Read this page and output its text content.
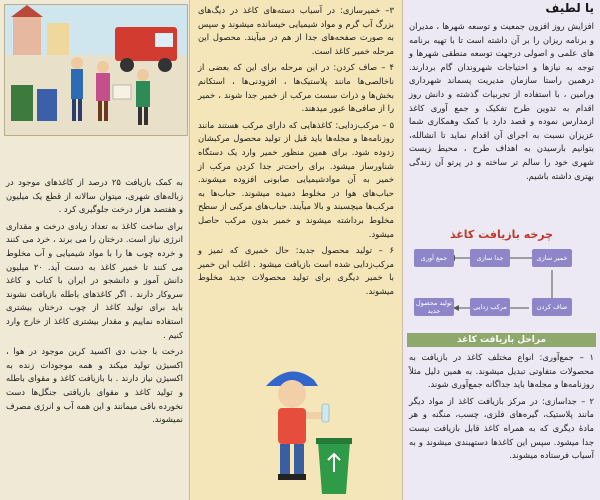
به کمک بازیافت ۲۵ درصد از کاغذهای موجود در زباله‌های شهری، میتوان سالانه از قطع یک میلیون و هفتصد هزار درخت جلوگیری کرد .

برای ساخت کاغذ به تعداد زیادی درخت و مقداری انرژی نیاز است. درختان را می برند ، خرد می کنند و خرده چوب ها را با مواد شیمیایی و آب مخلوط می کنند تا خمیر کاغذ به دست آید. ۲۰ میلیون دانش آموز و دانشجو در ایران با کتاب و کاغذ سروکار دارند . اگر کاغذهای باطله بازیافت نشوند باید برای تولید کاغذ از چوب درختان بیشتری استفاده نماییم و مقدار بیشتری کاغذ از خارج وارد کنیم .

درخت با جذب دی اکسید کربن موجود در هوا ، اکسیژن تولید میکند و همه موجودات زنده به اکسیژن نیاز دارند . با بازیافت کاغذ و مقوای باطله و تولید کاغذ و مقوای بازیافتی جنگل‌ها دست نخورده باقی میمانند و این همه آب و انرژی مصرف نمیشوند.

۳– خمیرسازی: در آسیاب دسته‌های کاغذ در دیگ‌های بزرگ آب گرم و مواد شیمیایی خیسانده میشوند و سپس به صورت صفحه‌های جدا از هم در میآیند. محصول این مرحله خمیر کاغذ است.

۴ – صاف کردن: در این مرحله برای این که بعضی از ناخالصی‌ها مانند پلاستیک‌ها ، افزودنی‌ها ، استکانم بخش‌ها و ذرات سست مرکب از خمیر جدا شوند ، خمیر را از صافی‌ها عبور میدهند.

۵ – مرکب‌زدایی: کاغذهایی که دارای مرکب هستند مانند روزنامه‌ها و مجله‌ها باید قبل از تولید محصول مرکبشان زدوده شود. برای همین منظور خمیر وارد یک دستگاه شناورساز میشود. برای راحت‌تر جدا کردن مرکب از خمیر به آن موادشیمیایی صابونی افزوده میشوند. حباب‌های هوا در مخلوط دمیده میشوند. حباب‌ها به مرکب‌ها میچسبند و بالا میآیند. حباب‌های مرکبی از سطح مخلوط برداشته میشوند و خمیر بدون مرکب حاصل میشود.

۶ – تولید محصول جدید: حال خمیری که تمیز و مرکب‌زدایی شده است بازیافت میشود . اغلب این خمیر با خمیر دیگری برای تولید محصولات جدید مخلوط میشوند.

یا لطیف

افزایش روز افزون جمعیت و توسعه شهرها ، مدیران و برنامه ریزان را بر آن داشته است تا با تهیه برنامه های علمی و اصولی درجهت توسعه منطقی شهرها و توجه به نیازها و احتیاجات شهروندان گام بردارند. درهمین راستا سازمان مدیریت پسماند شهرداری ورامین ، با استفاده از تجربیات گذشته و دانش روز اقدام به تدوین طرح تفکیک و جمع آوری کاغذ ازمدارس نموده و قصد دارد با کمک وهمکاری شما عزیزان نسبت به اجرای آن اقدام نماید تا انشالله، بتوانیم بارسیدن به اهداف طرح ، محیط زیست شهری خود را سالم تر ساخته و در پرتو آن زندگی بهتری داشته باشیم.

چرخه بازیافت کاغذ
خمیر سازی
جدا سازی
جمع آوری
تولید محصول جدید	مرکب زدایی	صاف کردن
مراحل بازیافت کاغذ

۱ – جمع‌آوری: انواع مختلف کاغذ در بازیافت به محصولات متفاوتی تبدیل میشوند. به همین دلیل مثلاً روزنامه‌ها و مجله‌ها باید جداگانه جمع‌آوری شوند.

۲ – جداسازی: در مرکز بازیافت کاغذ از مواد دیگر مانند پلاستیک، گیره‌های فلزی، چسب، منگنه و هر مادهٔ دیگری که به همراه کاغذ قابل بازیافت نیست جدا میشود. سپس این کاغذها دستهبندی میشوند و به آسیاب فرستاده میشوند.
